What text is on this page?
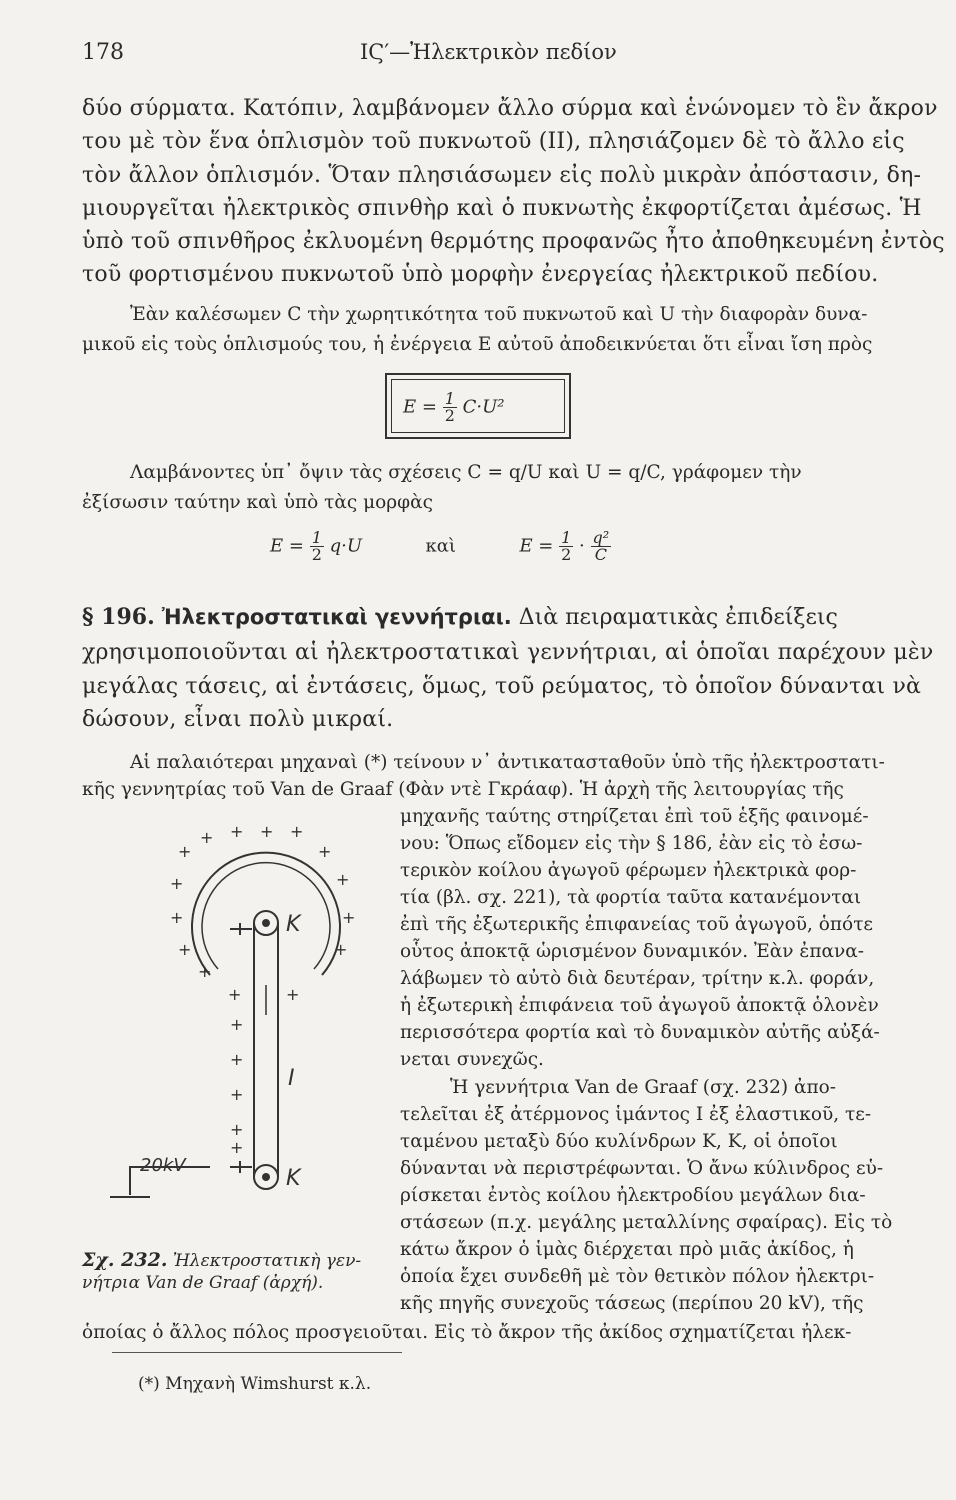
178	ΙϚ′—Ἠλεκτρικὸν πεδίον
δύο σύρματα. Κατόπιν, λαμβάνομεν ἄλλο σύρμα καὶ ἑνώνομεν τὸ ἓν ἄκρον
του μὲ τὸν ἕνα ὁπλισμὸν τοῦ πυκνωτοῦ (II), πλησιάζομεν δὲ τὸ ἄλλο εἰς
τὸν ἄλλον ὁπλισμόν. Ὅταν πλησιάσωμεν εἰς πολὺ μικρὰν ἀπόστασιν, δη-
μιουργεῖται ἠλεκτρικὸς σπινθὴρ καὶ ὁ πυκνωτὴς ἐκφορτίζεται ἀμέσως. Ἡ
ὑπὸ τοῦ σπινθῆρος ἐκλυομένη θερμότης προφανῶς ἦτο ἀποθηκευμένη ἐντὸς
τοῦ φορτισμένου πυκνωτοῦ ὑπὸ μορφὴν ἐνεργείας ἠλεκτρικοῦ πεδίου.
Ἐὰν καλέσωμεν C τὴν χωρητικότητα τοῦ πυκνωτοῦ καὶ U τὴν διαφορὰν δυνα-
μικοῦ εἰς τοὺς ὁπλισμούς του, ἡ ἐνέργεια E αὐτοῦ ἀποδεικνύεται ὅτι εἶναι ἴση πρὸς
$E = \frac{1}{2} C\cdot U^2$
Λαμβάνοντες ὑπ᾽ ὄψιν τὰς σχέσεις C = q/U καὶ U = q/C, γράφομεν τὴν
ἐξίσωσιν ταύτην καὶ ὑπὸ τὰς μορφὰς
$E = \frac{1}{2} q\cdot U$	καὶ	$E = \frac{1}{2} \cdot \frac{\text{q²}}{C}$
§ 196. Ἠλεκτροστατικαὶ γεννήτριαι. Διὰ πειραματικὰς ἐπιδείξεις
χρησιμοποιοῦνται αἱ ἠλεκτροστατικαὶ γεννήτριαι, αἱ ὁποῖαι παρέχουν μὲν
μεγάλας τάσεις, αἱ ἐντάσεις, ὅμως, τοῦ ρεύματος, τὸ ὁποῖον δύνανται νὰ
δώσουν, εἶναι πολὺ μικραί.
Αἱ παλαιότεραι μηχαναὶ (*) τείνουν ν᾽ ἀντικατασταθοῦν ὑπὸ τῆς ἠλεκτροστατι-
κῆς γεννητρίας τοῦ Van de Graaf (Φὰν ντὲ Γκράαφ). Ἡ ἀρχὴ τῆς λειτουργίας τῆς
μηχανῆς ταύτης στηρίζεται ἐπὶ τοῦ ἑξῆς φαινομέ-
νου: Ὅπως εἴδομεν εἰς τὴν § 186, ἐὰν εἰς τὸ ἐσω-
τερικὸν κοίλου ἀγωγοῦ φέρωμεν ἠλεκτρικὰ φορ-
τία (βλ. σχ. 221), τὰ φορτία ταῦτα κατανέμονται
ἐπὶ τῆς ἐξωτερικῆς ἐπιφανείας τοῦ ἀγωγοῦ, ὁπότε
οὗτος ἀποκτᾷ ὡρισμένον δυναμικόν. Ἐὰν ἐπανα-
λάβωμεν τὸ αὐτὸ διὰ δευτέραν, τρίτην κ.λ. φοράν,
ἡ ἐξωτερικὴ ἐπιφάνεια τοῦ ἀγωγοῦ ἀποκτᾷ ὁλονὲν
περισσότερα φορτία καὶ τὸ δυναμικὸν αὐτῆς αὐξά-
νεται συνεχῶς.
Ἡ γεννήτρια Van de Graaf (σχ. 232) ἀπο-
τελεῖται ἐξ ἀτέρμονος ἱμάντος I ἐξ ἐλαστικοῦ, τε-
ταμένου μεταξὺ δύο κυλίνδρων K, K, οἱ ὁποῖοι
δύνανται νὰ περιστρέφωνται. Ὁ ἄνω κύλινδρος εὑ-
ρίσκεται ἐντὸς κοίλου ἠλεκτροδίου μεγάλων δια-
στάσεων (π.χ. μεγάλης μεταλλίνης σφαίρας). Εἰς τὸ
κάτω ἄκρον ὁ ἱμὰς διέρχεται πρὸ μιᾶς ἀκίδος, ἡ
ὁποία ἔχει συνδεθῆ μὲ τὸν θετικὸν πόλον ἠλεκτρι-
κῆς πηγῆς συνεχοῦς τάσεως (περίπου 20 kV), τῆς
ὁποίας ὁ ἄλλος πόλος προσγειοῦται. Εἰς τὸ ἄκρον τῆς ἀκίδος σχηματίζεται ἠλεκ-
+ + + +
+
+
+
+
+
+
+
+
+
+	+
+
+
+
+
+
K
K
I
20kV
Σχ. 232. Ἠλεκτροστατικὴ γεν-
νήτρια Van de Graaf (ἀρχή).
(*) Μηχανὴ Wimshurst κ.λ.
